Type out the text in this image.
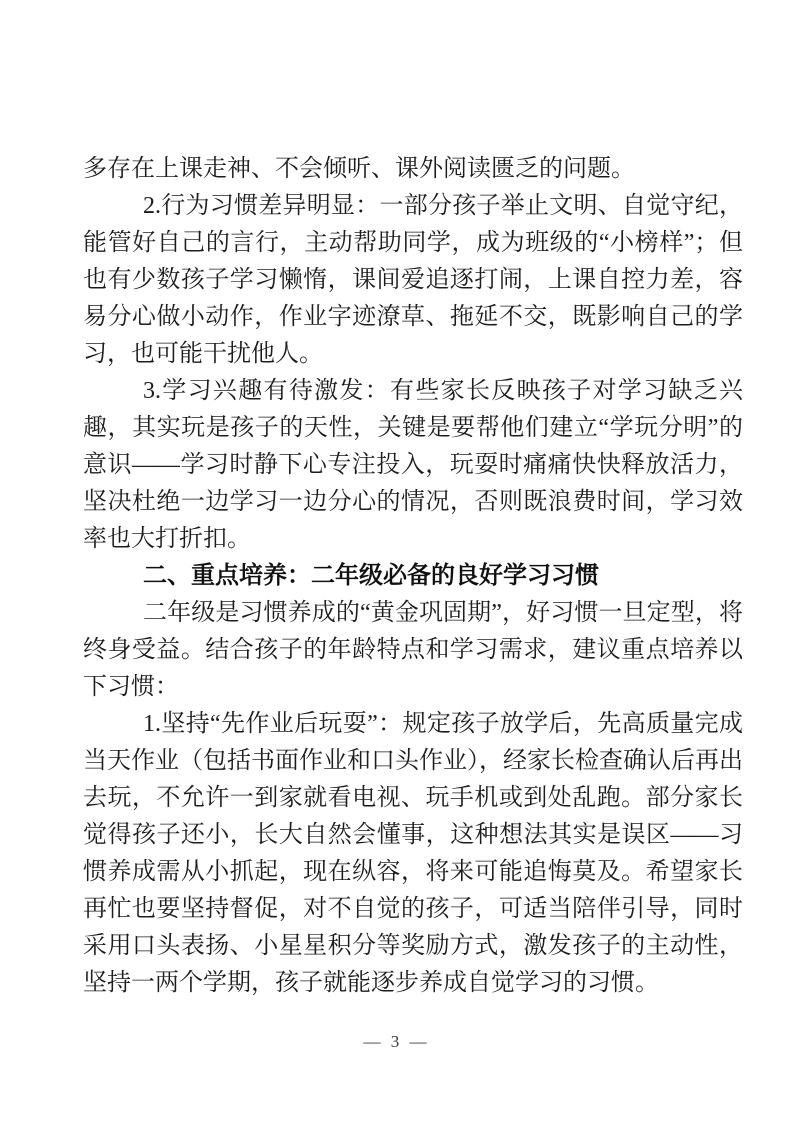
多存在上课走神、不会倾听、课外阅读匮乏的问题。

2.行为习惯差异明显：一部分孩子举止文明、自觉守纪，能管好自己的言行，主动帮助同学，成为班级的“小榜样”；但也有少数孩子学习懒惰，课间爱追逐打闹，上课自控力差，容易分心做小动作，作业字迹潦草、拖延不交，既影响自己的学习，也可能干扰他人。

3.学习兴趣有待激发：有些家长反映孩子对学习缺乏兴趣，其实玩是孩子的天性，关键是要帮他们建立“学玩分明”的意识——学习时静下心专注投入，玩耍时痛痛快快释放活力，坚决杜绝一边学习一边分心的情况，否则既浪费时间，学习效率也大打折扣。

二、重点培养：二年级必备的良好学习习惯

二年级是习惯养成的“黄金巩固期”，好习惯一旦定型，将终身受益。结合孩子的年龄特点和学习需求，建议重点培养以下习惯：

1.坚持“先作业后玩耍”：规定孩子放学后，先高质量完成当天作业（包括书面作业和口头作业），经家长检查确认后再出去玩，不允许一到家就看电视、玩手机或到处乱跑。部分家长觉得孩子还小，长大自然会懂事，这种想法其实是误区——习惯养成需从小抓起，现在纵容，将来可能追悔莫及。希望家长再忙也要坚持督促，对不自觉的孩子，可适当陪伴引导，同时采用口头表扬、小星星积分等奖励方式，激发孩子的主动性，坚持一两个学期，孩子就能逐步养成自觉学习的习惯。

— 3 —
